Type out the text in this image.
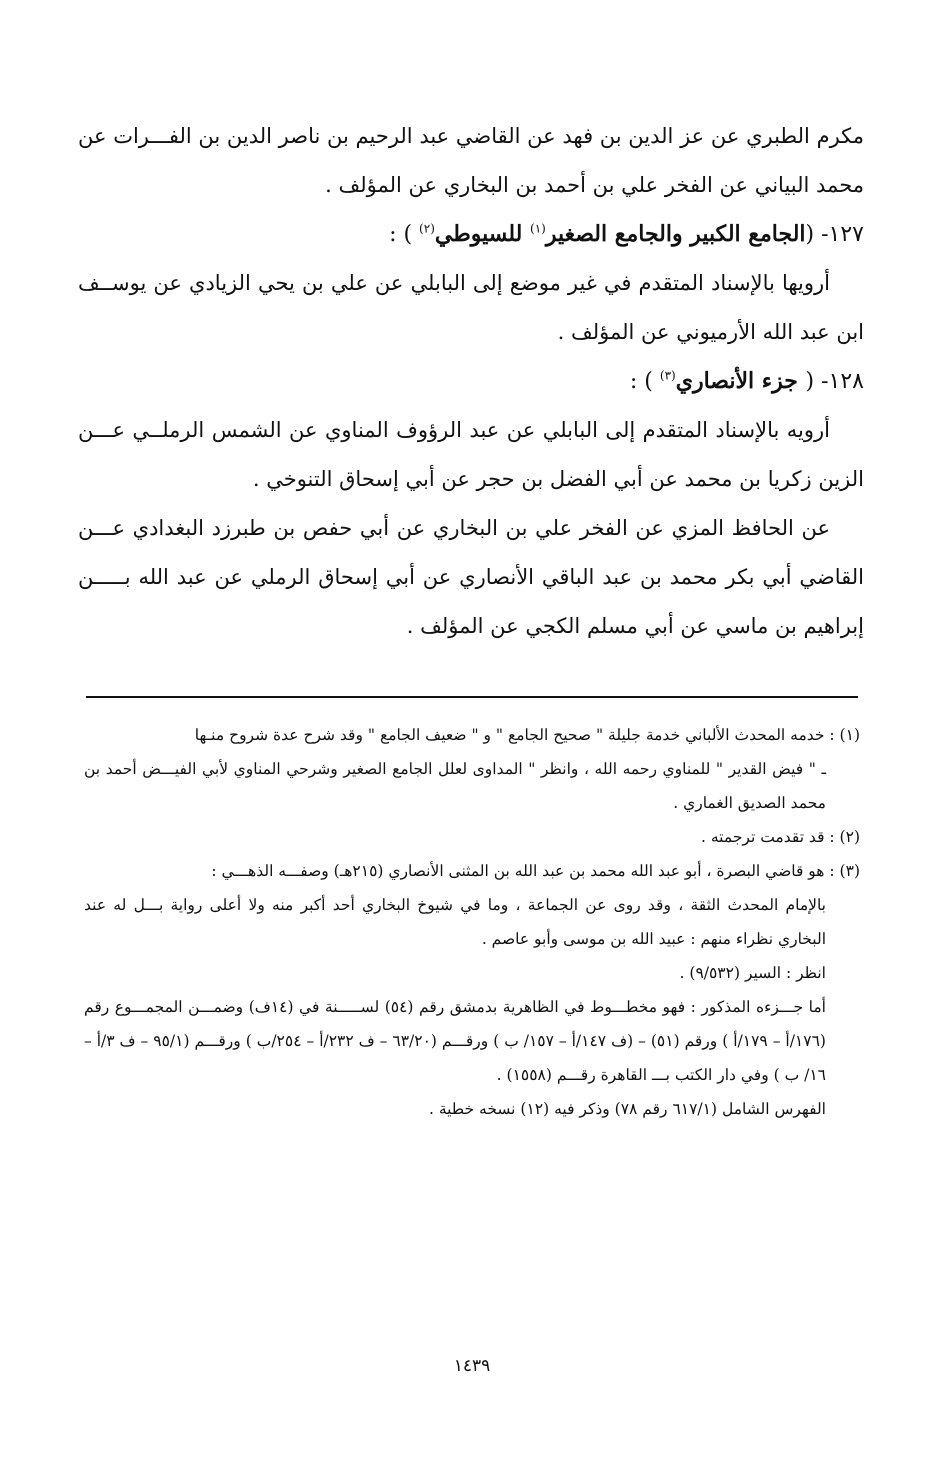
مكرم الطبري عن عز الدين بن فهد عن القاضي عبد الرحيم بن ناصر الدين بن الفـــرات عن محمد البياني عن الفخر علي بن أحمد بن البخاري عن المؤلف .

١٢٧- (الجامع الكبير والجامع الصغير$^{(١)}$ للسيوطي$^{(٢)}$ ) :

أرويها بالإسناد المتقدم في غير موضع إلى البابلي عن علي بن يحي الزيادي عن يوســف ابن عبد الله الأرميوني عن المؤلف .

١٢٨- ( جزء الأنصاري$^{(٣)}$ ) :

أرويه بالإسناد المتقدم إلى البابلي عن عبد الرؤوف المناوي عن الشمس الرملــي عـــن الزين زكريا بن محمد عن أبي الفضل بن حجر عن أبي إسحاق التنوخي .

عن الحافظ المزي عن الفخر علي بن البخاري عن أبي حفص بن طبرزد البغدادي عـــن القاضي أبي بكر محمد بن عبد الباقي الأنصاري عن أبي إسحاق الرملي عن عبد الله بـــــن إبراهيم بن ماسي عن أبي مسلم الكجي عن المؤلف .

(١) : خدمه المحدث الألباني خدمة جليلة " صحيح الجامع " و " ضعيف الجامع " وقد شرح عدة شروح منـها

ـ " فيض القدير " للمناوي رحمه الله ، وانظر " المداوى لعلل الجامع الصغير وشرحي المناوي لأبي الفيـــض أحمد بن محمد الصديق الغماري .

(٢) : قد تقدمت ترجمته .

(٣) : هو قاضي البصرة ، أبو عبد الله محمد بن عبد الله بن المثنى الأنصاري (٢١٥هـ) وصفـــه الذهـــي :

بالإمام المحدث الثقة ، وقد روى عن الجماعة ، وما في شيوخ البخاري أحد أكبر منه ولا أعلى رواية بـــل له عند البخاري نظراء منهم : عبيد الله بن موسى وأبو عاصم .

انظر : السير (٩/٥٣٢) .

أما جـــزءه المذكور : فهو مخطـــوط في الظاهرية بدمشق رقم (٥٤) لســـــنة في (١٤ف) وضمـــن المجمـــوع رقم (١٧٦/أ – ١٧٩/أ ) ورقم (٥١) – (ف ١٤٧/أ – ١٥٧/ ب ) ورقـــم (٦٣/٢٠ – ف ٢٣٢/أ – ٢٥٤/ب ) ورقـــم (٩٥/١ – ف ٣/أ – ١٦/ ب ) وفي دار الكتب بـــ القاهرة رقـــم (١٥٥٨) .

الفهرس الشامل (٦١٧/١ رقم ٧٨) وذكر فيه (١٢) نسخه خطية .

١٤٣٩
